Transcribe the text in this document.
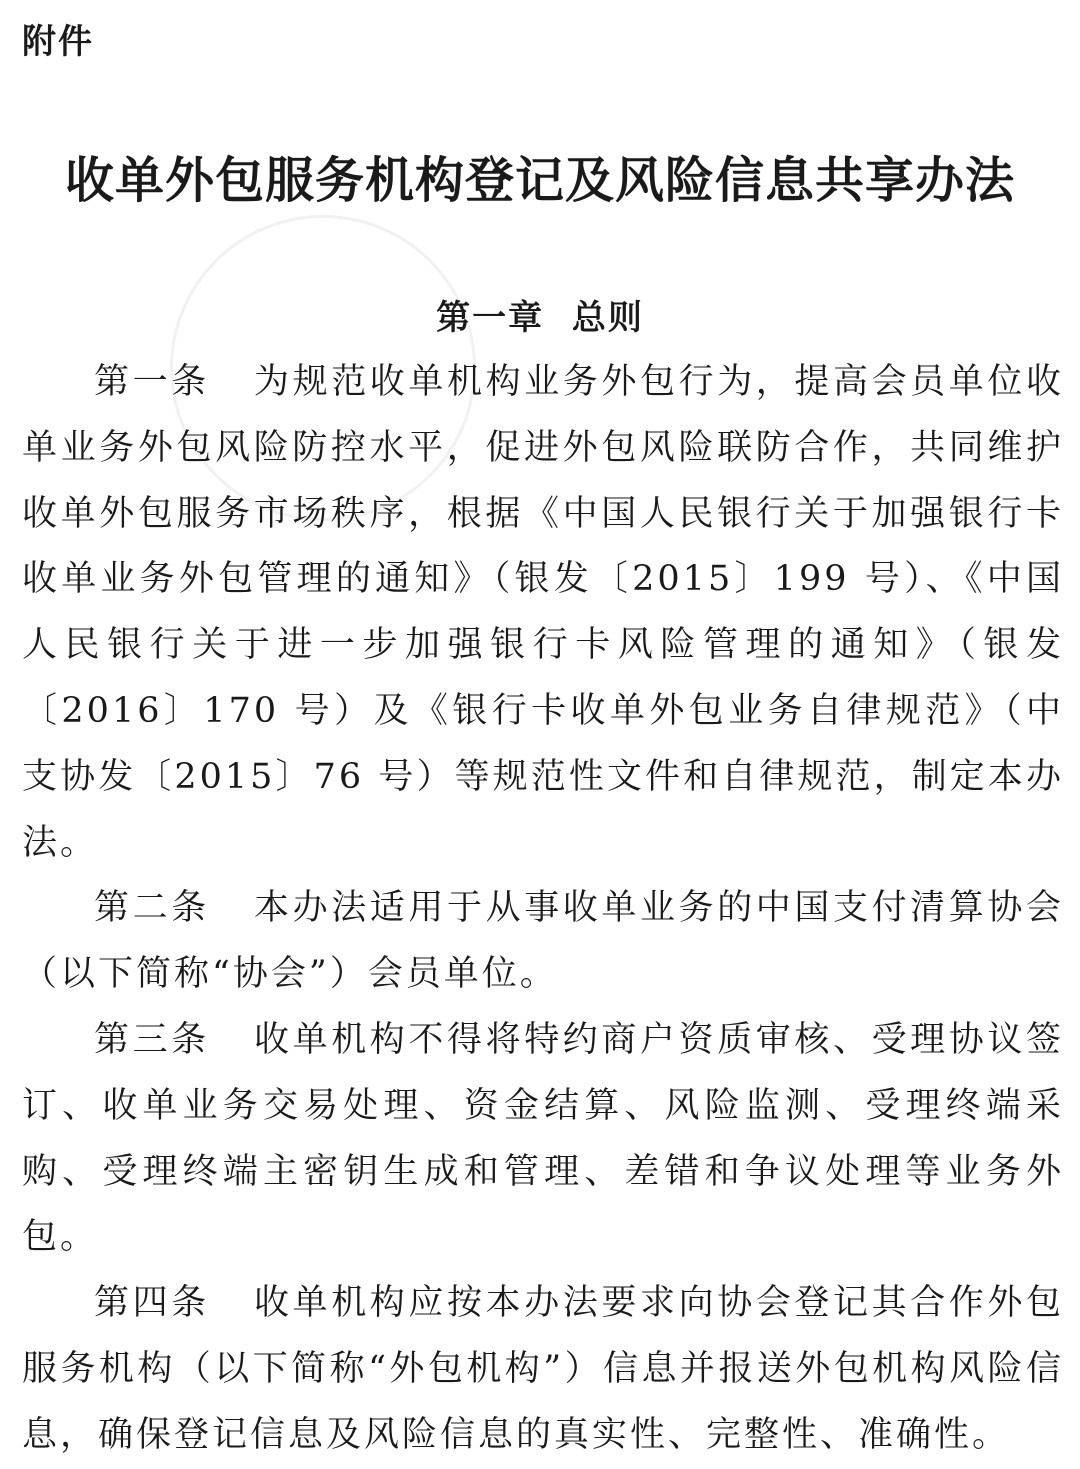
附件
收单外包服务机构登记及风险信息共享办法
第一章  总则

第一条 为规范收单机构业务外包行为，提高会员单位收单业务外包风险防控水平，促进外包风险联防合作，共同维护收单外包服务市场秩序，根据《中国人民银行关于加强银行卡收单业务外包管理的通知》（银发〔2015〕199 号）、《中国人民银行关于进一步加强银行卡风险管理的通知》（银发〔2016〕170 号）及《银行卡收单外包业务自律规范》（中支协发〔2015〕76 号）等规范性文件和自律规范，制定本办法。

第二条 本办法适用于从事收单业务的中国支付清算协会（以下简称“协会”）会员单位。

第三条 收单机构不得将特约商户资质审核、受理协议签订、收单业务交易处理、资金结算、风险监测、受理终端采购、受理终端主密钥生成和管理、差错和争议处理等业务外包。

第四条 收单机构应按本办法要求向协会登记其合作外包服务机构（以下简称“外包机构”）信息并报送外包机构风险信息，确保登记信息及风险信息的真实性、完整性、准确性。
